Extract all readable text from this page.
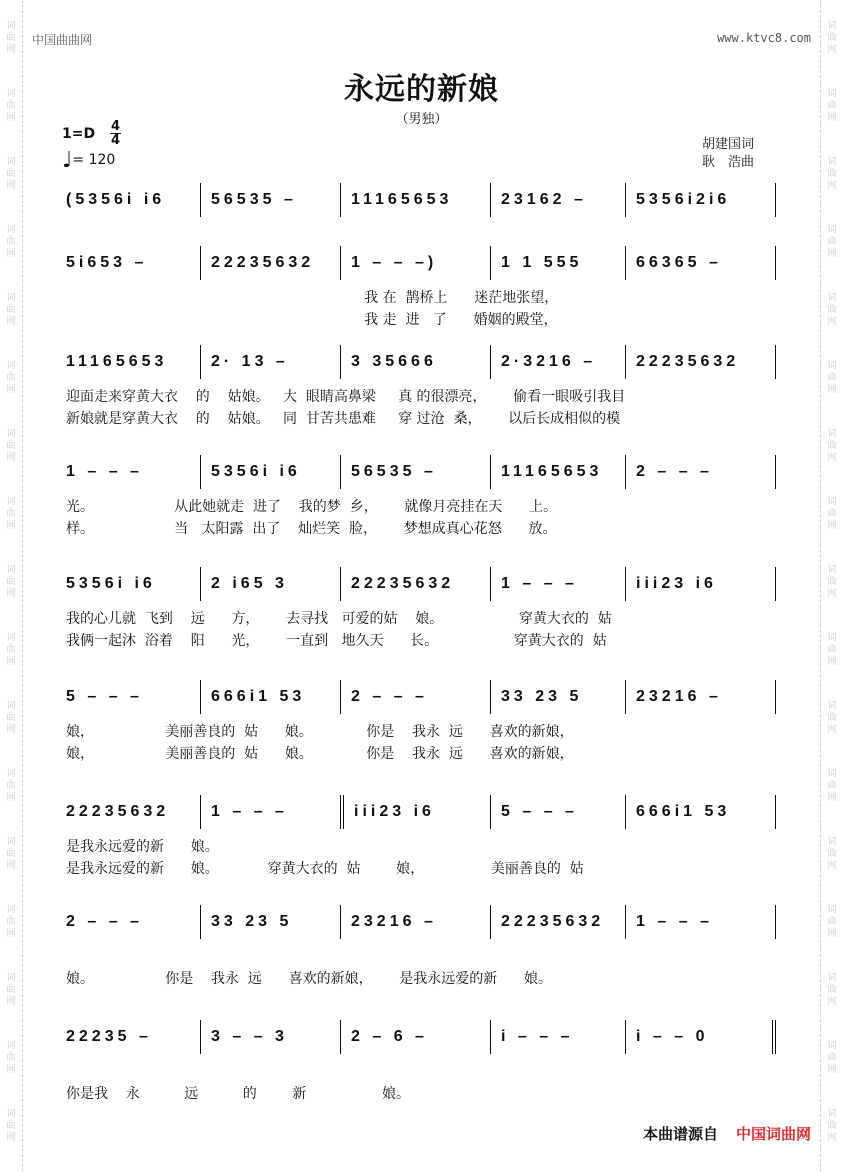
词
曲
网
词
曲
网
词
曲
网
词
曲
网
词
曲
网
词
曲
网
词
曲
网
词
曲
网
词
曲
网
词
曲
网
词
曲
网
词
曲
网
词
曲
网
词
曲
网
词
曲
网
词
曲
网
词
曲
网
词
曲
网
词
曲
网
词
曲
网
词
曲
网
词
曲
网
词
曲
网
词
曲
网
词
曲
网
词
曲
网
词
曲
网
词
曲
网
词
曲
网
词
曲
网
词
曲
网
词
曲
网
词
曲
网
词
曲
网
中国曲曲网	www.ktvc8.com
永远的新娘
（男独）
1=D 4
4
♩= 120
胡建国词
耿　浩曲
(5356i i6	56535 –	11165653	23162 –	5356i2i6
5i653 –	22235632	1 – – –)	1 1 555	66365 –
我 在  鹊桥上      迷茫地张望，
我 走  进   了      婚姻的殿堂，
11165653	2· 13 –	3 35666	2·3216 –	22235632
迎面走来穿黄大衣    的    姑娘。   大  眼睛高鼻梁     真 的很漂亮，      偷看一眼吸引我目
新娘就是穿黄大衣    的    姑娘。   同  甘苦共患难     穿 过沧  桑，      以后长成相似的模
1 – – –	5356i i6	56535 –	11165653	2 – – –
光。                  从此她就走  进了    我的梦  乡，      就像月亮挂在天      上。
样。                  当   太阳露  出了    灿烂笑  脸，      梦想成真心花怒      放。
5356i i6	2 i65 3	22235632	1 – – –	iii23 i6
我的心儿就  飞到    远      方，      去寻找   可爱的姑    娘。                 穿黄大衣的  姑
我俩一起沐  浴着    阳      光，      一直到   地久天      长。                 穿黄大衣的  姑
5 – – –	666i1 53	2 – – –	33 23 5	23216 –
娘，                美丽善良的  姑      娘。            你是    我永  远      喜欢的新娘，
娘，                美丽善良的  姑      娘。            你是    我永  远      喜欢的新娘，
22235632	1 – – –	iii23 i6	5 – – –	666i1 53
是我永远爱的新      娘。
是我永远爱的新      娘。           穿黄大衣的  姑        娘，               美丽善良的  姑
2 – – –	33 23 5	23216 –	22235632	1 – – –
娘。                你是    我永  远      喜欢的新娘，      是我永远爱的新      娘。
22235 –	3 – – 3	2 – 6 –	i – – –	i – – 0
你是我    永          远          的        新                 娘。
本曲谱源自 中国词曲网
